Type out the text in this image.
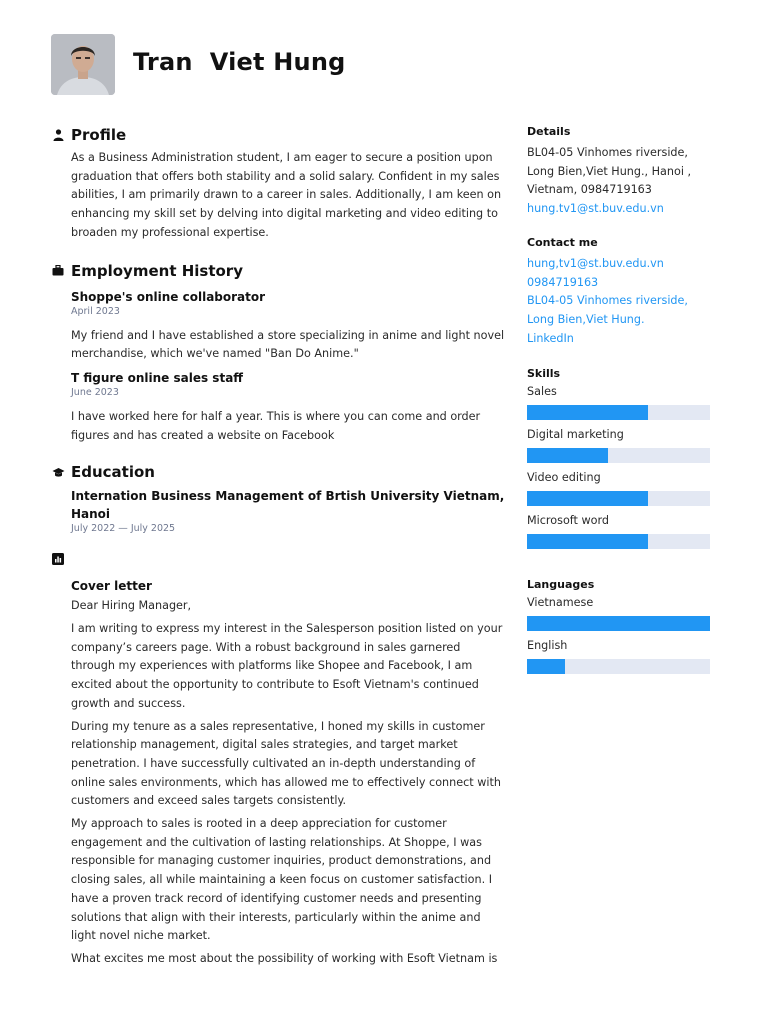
Tran  Viet Hung
Profile

As a Business Administration student, I am eager to secure a position upon graduation that offers both stability and a solid salary. Confident in my sales abilities, I am primarily drawn to a career in sales. Additionally, I am keen on enhancing my skill set by delving into digital marketing and video editing to broaden my professional expertise.

Employment History
Shoppe's online collaborator
April 2023

My friend and I have established a store specializing in anime and light novel merchandise, which we've named "Ban Do Anime."

T figure online sales staff
June 2023

I have worked here for half a year. This is where you can come and order figures and has created a website on Facebook

Education
Internation Business Management of Brtish University Vietnam, Hanoi
July 2022 — July 2025
Cover letter

Dear Hiring Manager,

I am writing to express my interest in the Salesperson position listed on your company’s careers page. With a robust background in sales garnered through my experiences with platforms like Shopee and Facebook, I am excited about the opportunity to contribute to Esoft Vietnam's continued growth and success.

During my tenure as a sales representative, I honed my skills in customer relationship management, digital sales strategies, and target market penetration. I have successfully cultivated an in-depth understanding of online sales environments, which has allowed me to effectively connect with customers and exceed sales targets consistently.

My approach to sales is rooted in a deep appreciation for customer engagement and the cultivation of lasting relationships. At Shoppe, I was responsible for managing customer inquiries, product demonstrations, and closing sales, all while maintaining a keen focus on customer satisfaction. I have a proven track record of identifying customer needs and presenting solutions that align with their interests, particularly within the anime and light novel niche market.

What excites me most about the possibility of working with Esoft Vietnam is

Details
BL04-05 Vinhomes riverside,
Long Bien,Viet Hung., Hanoi ,
Vietnam, 0984719163
hung.tv1@st.buv.edu.vn
Contact me
hung,tv1@st.buv.edu.vn
0984719163
BL04-05 Vinhomes riverside,
Long Bien,Viet Hung.
LinkedIn
Skills
Sales
Digital marketing
Video editing
Microsoft word
Languages
Vietnamese
English
